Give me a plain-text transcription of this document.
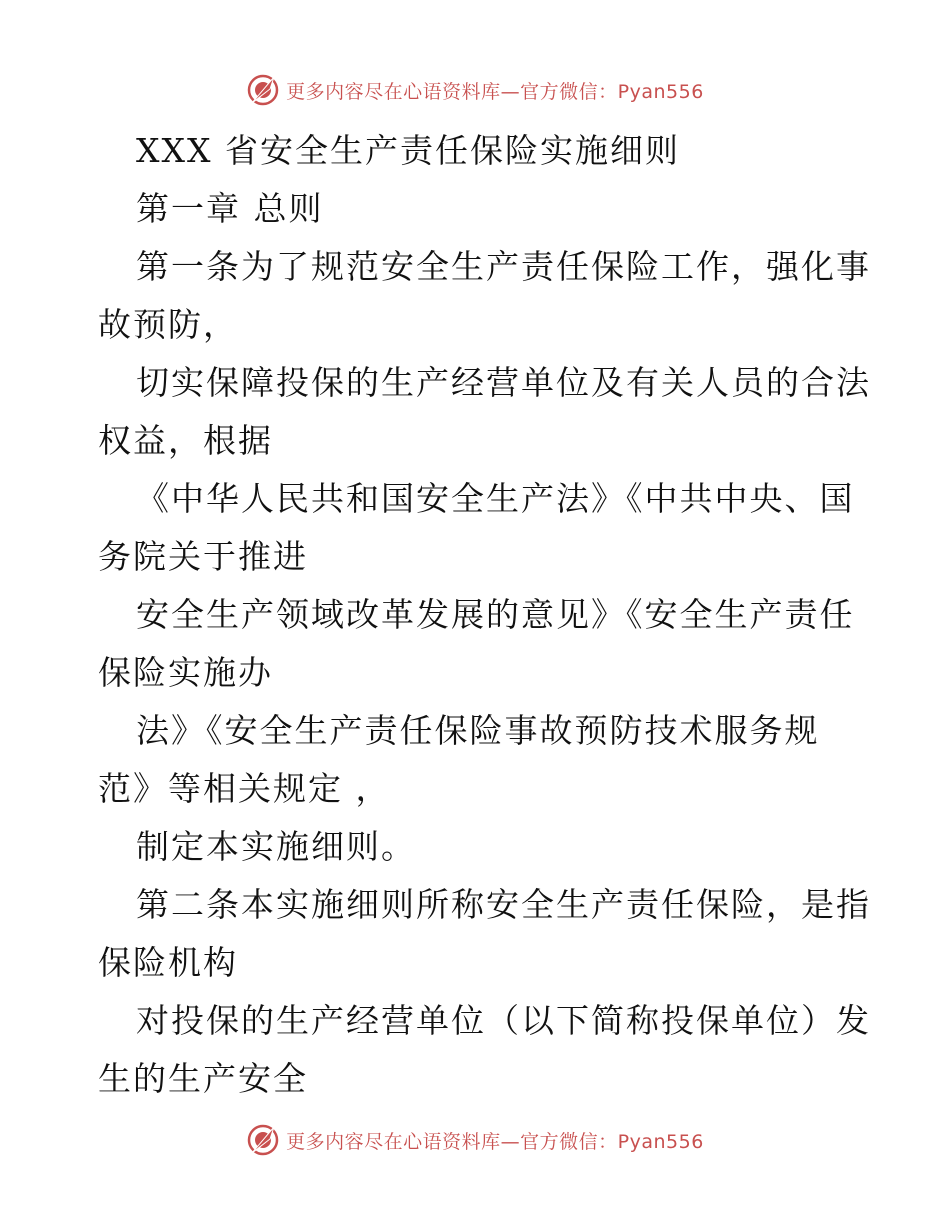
更多内容尽在心语资料库—官方微信：Pyan556
XXX 省安全生产责任保险实施细则
第一章 总则
第一条为了规范安全生产责任保险工作，强化事
故预防，
切实保障投保的生产经营单位及有关人员的合法
权益，根据
《中华人民共和国安全生产法》《中共中央、国
务院关于推进
安全生产领域改革发展的意见》《安全生产责任
保险实施办
法》《安全生产责任保险事故预防技术服务规
范》等相关规定 ，
制定本实施细则。
第二条本实施细则所称安全生产责任保险，是指
保险机构
对投保的生产经营单位（以下简称投保单位）发
生的生产安全
更多内容尽在心语资料库—官方微信：Pyan556
